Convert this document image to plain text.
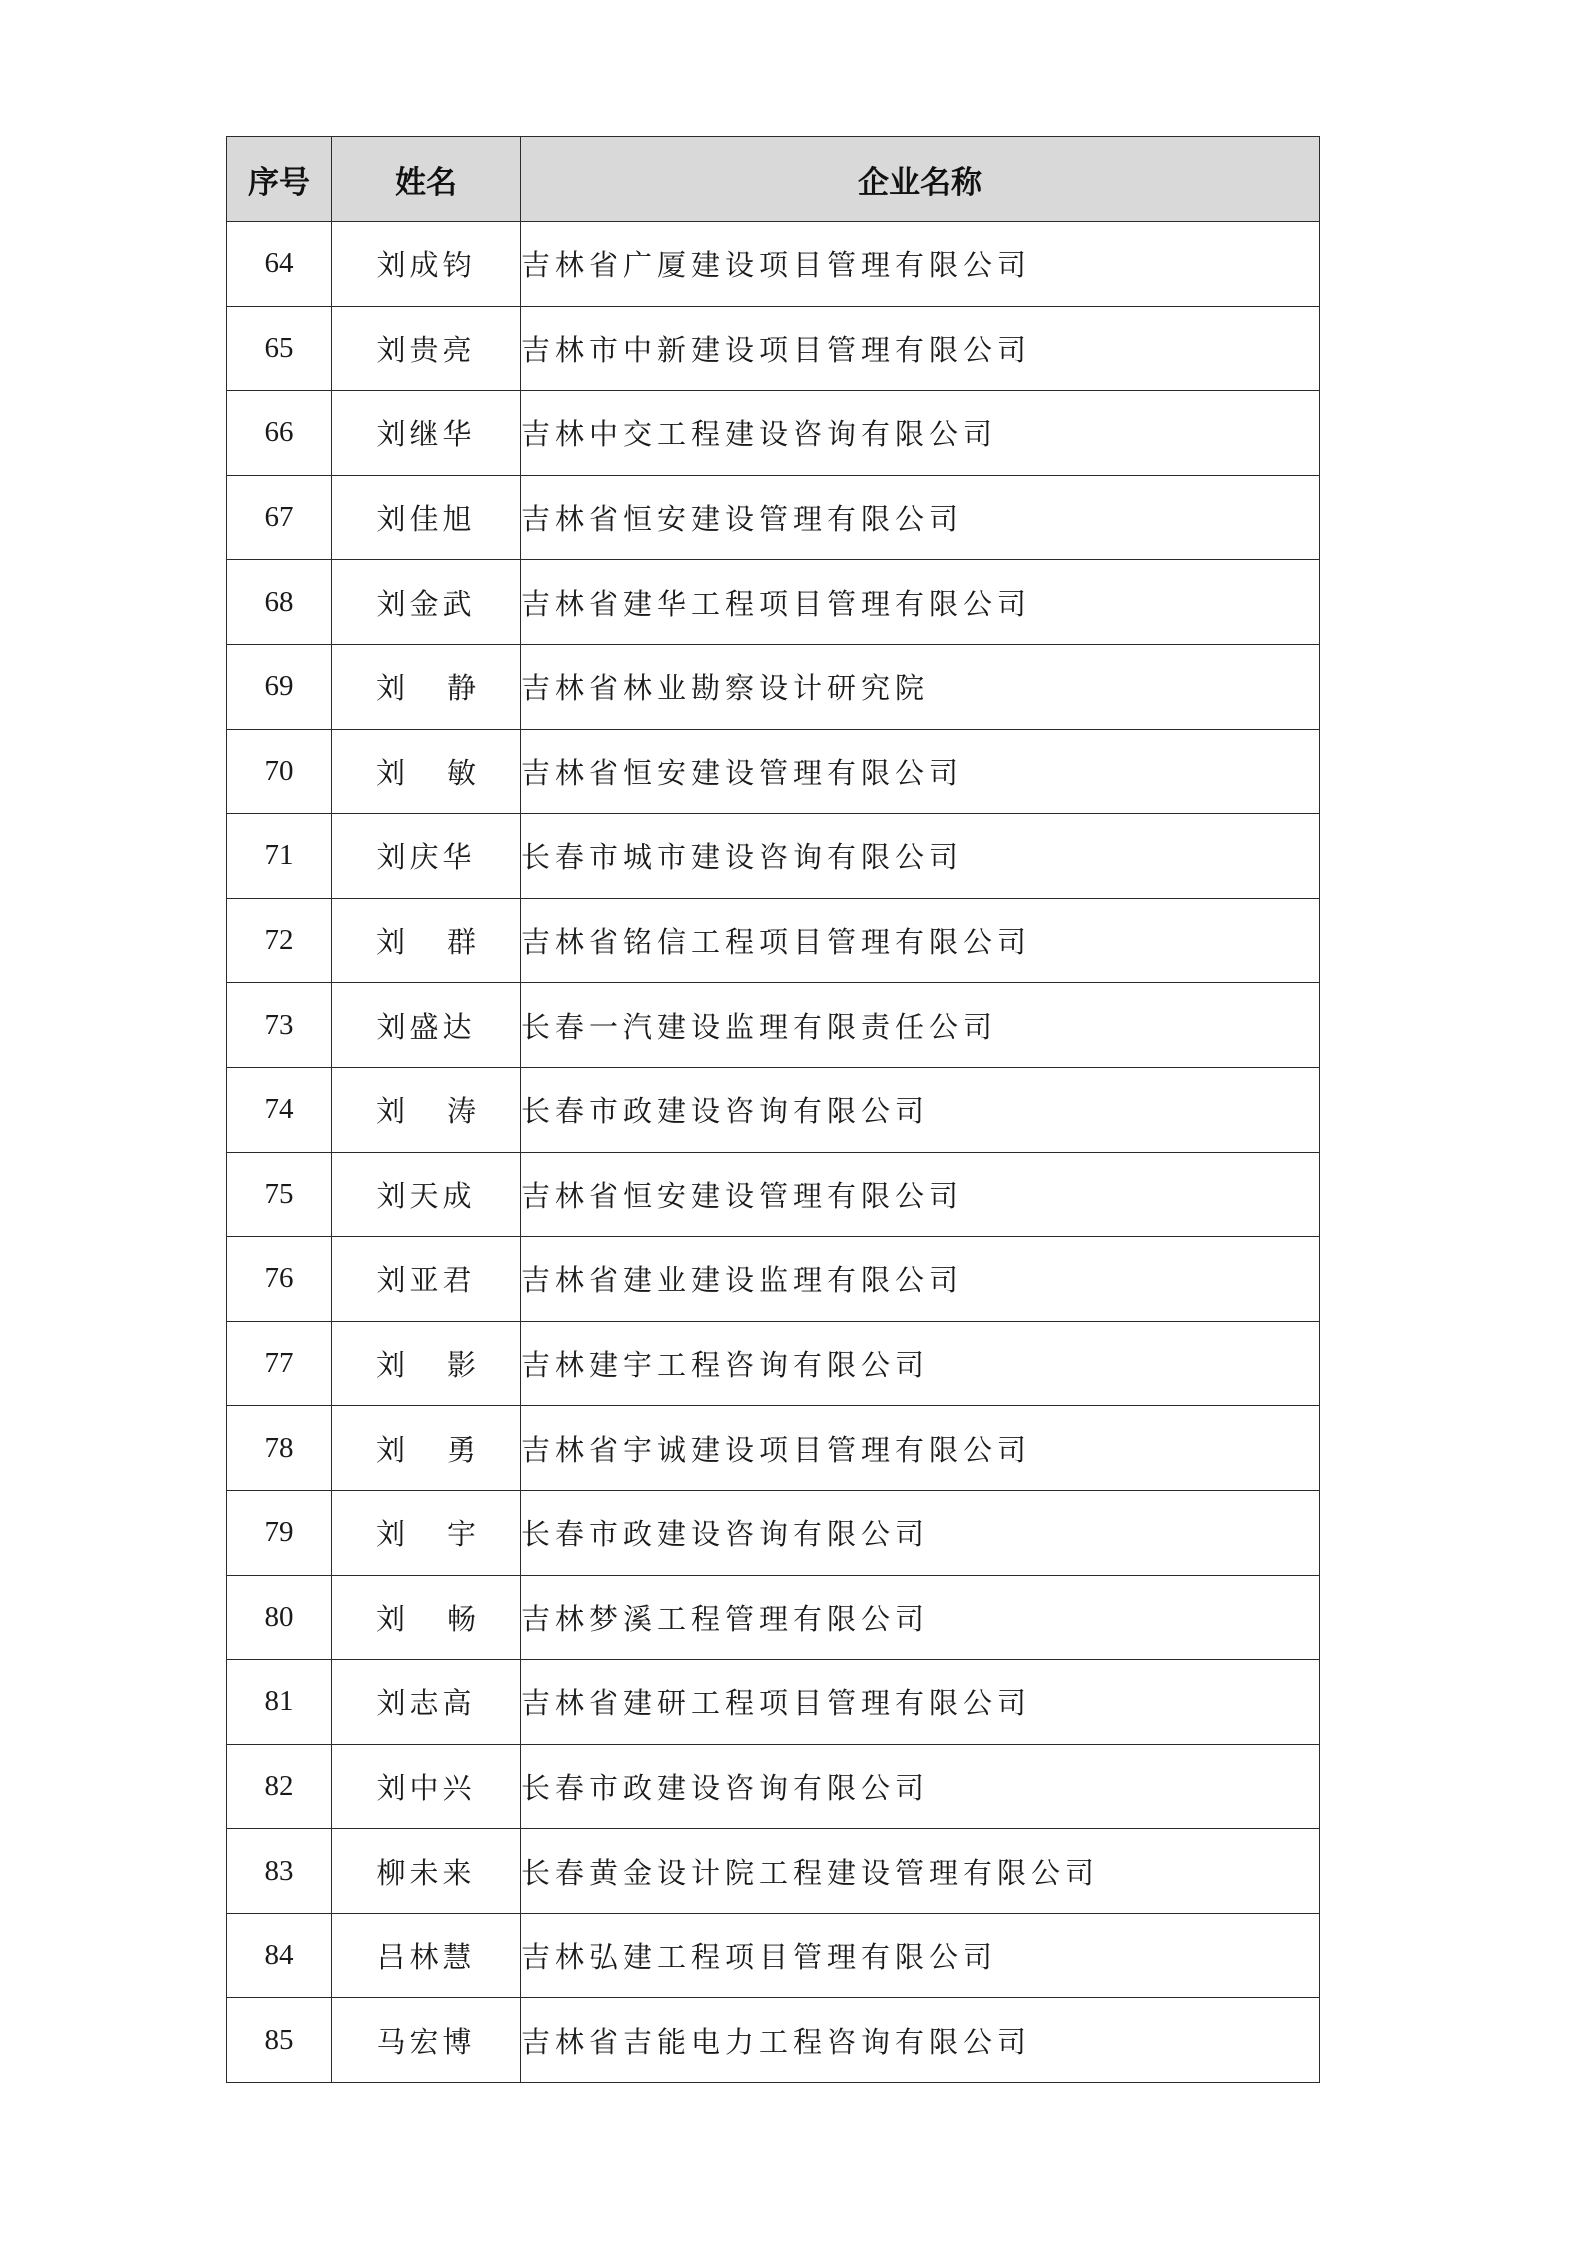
序号	姓名	企业名称
64	刘成钧	吉林省广厦建设项目管理有限公司
65	刘贵亮	吉林市中新建设项目管理有限公司
66	刘继华	吉林中交工程建设咨询有限公司
67	刘佳旭	吉林省恒安建设管理有限公司
68	刘金武	吉林省建华工程项目管理有限公司
69	刘静	吉林省林业勘察设计研究院
70	刘敏	吉林省恒安建设管理有限公司
71	刘庆华	长春市城市建设咨询有限公司
72	刘群	吉林省铭信工程项目管理有限公司
73	刘盛达	长春一汽建设监理有限责任公司
74	刘涛	长春市政建设咨询有限公司
75	刘天成	吉林省恒安建设管理有限公司
76	刘亚君	吉林省建业建设监理有限公司
77	刘影	吉林建宇工程咨询有限公司
78	刘勇	吉林省宇诚建设项目管理有限公司
79	刘宇	长春市政建设咨询有限公司
80	刘畅	吉林梦溪工程管理有限公司
81	刘志高	吉林省建研工程项目管理有限公司
82	刘中兴	长春市政建设咨询有限公司
83	柳未来	长春黄金设计院工程建设管理有限公司
84	吕林慧	吉林弘建工程项目管理有限公司
85	马宏博	吉林省吉能电力工程咨询有限公司
